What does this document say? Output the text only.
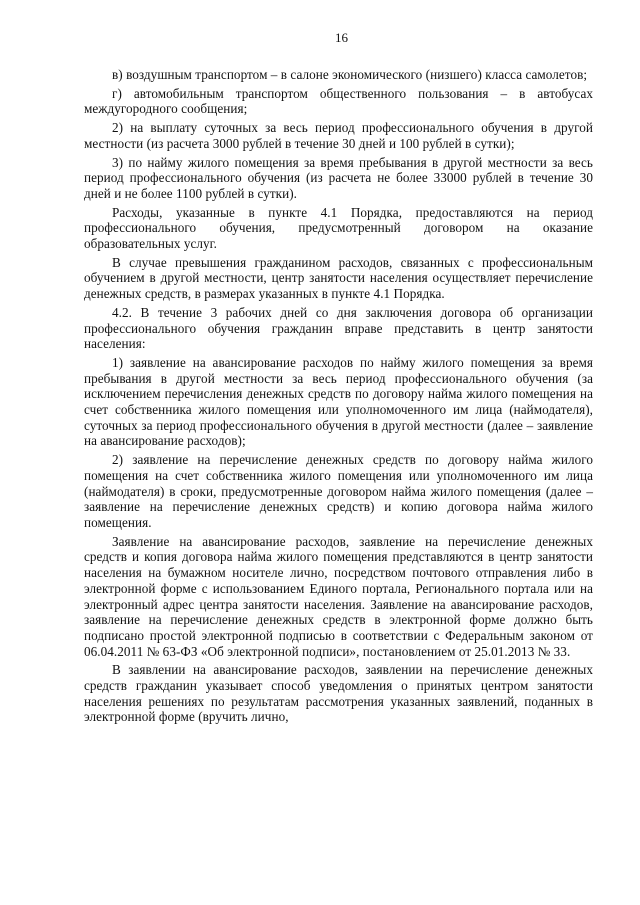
16

в) воздушным транспортом – в салоне экономического (низшего) класса самолетов;

г) автомобильным транспортом общественного пользования – в автобусах междугородного сообщения;

2) на выплату суточных за весь период профессионального обучения в другой местности (из расчета 3000 рублей в течение 30 дней и 100 рублей в сутки);

3) по найму жилого помещения за время пребывания в другой местности за весь период профессионального обучения (из расчета не более 33000 рублей в течение 30 дней и не более 1100 рублей в сутки).

Расходы, указанные в пункте 4.1 Порядка, предоставляются на период профессионального обучения, предусмотренный договором на оказание образовательных услуг.

В случае превышения гражданином расходов, связанных с профессиональным обучением в другой местности, центр занятости населения осуществляет перечисление денежных средств, в размерах указанных в пункте 4.1 Порядка.

4.2. В течение 3 рабочих дней со дня заключения договора об организации профессионального обучения гражданин вправе представить в центр занятости населения:

1) заявление на авансирование расходов по найму жилого помещения за время пребывания в другой местности за весь период профессионального обучения (за исключением перечисления денежных средств по договору найма жилого помещения на счет собственника жилого помещения или уполномоченного им лица (наймодателя), суточных за период профессионального обучения в другой местности (далее – заявление на авансирование расходов);

2) заявление на перечисление денежных средств по договору найма жилого помещения на счет собственника жилого помещения или уполномоченного им лица (наймодателя) в сроки, предусмотренные договором найма жилого помещения (далее – заявление на перечисление денежных средств) и копию договора найма жилого помещения.

Заявление на авансирование расходов, заявление на перечисление денежных средств и копия договора найма жилого помещения представляются в центр занятости населения на бумажном носителе лично, посредством почтового отправления либо в электронной форме с использованием Единого портала, Регионального портала или на электронный адрес центра занятости населения. Заявление на авансирование расходов, заявление на перечисление денежных средств в электронной форме должно быть подписано простой электронной подписью в соответствии с Федеральным законом от 06.04.2011 № 63-ФЗ «Об электронной подписи», постановлением от 25.01.2013 № 33.

В заявлении на авансирование расходов, заявлении на перечисление денежных средств гражданин указывает способ уведомления о принятых центром занятости населения решениях по результатам рассмотрения указанных заявлений, поданных в электронной форме (вручить лично,
